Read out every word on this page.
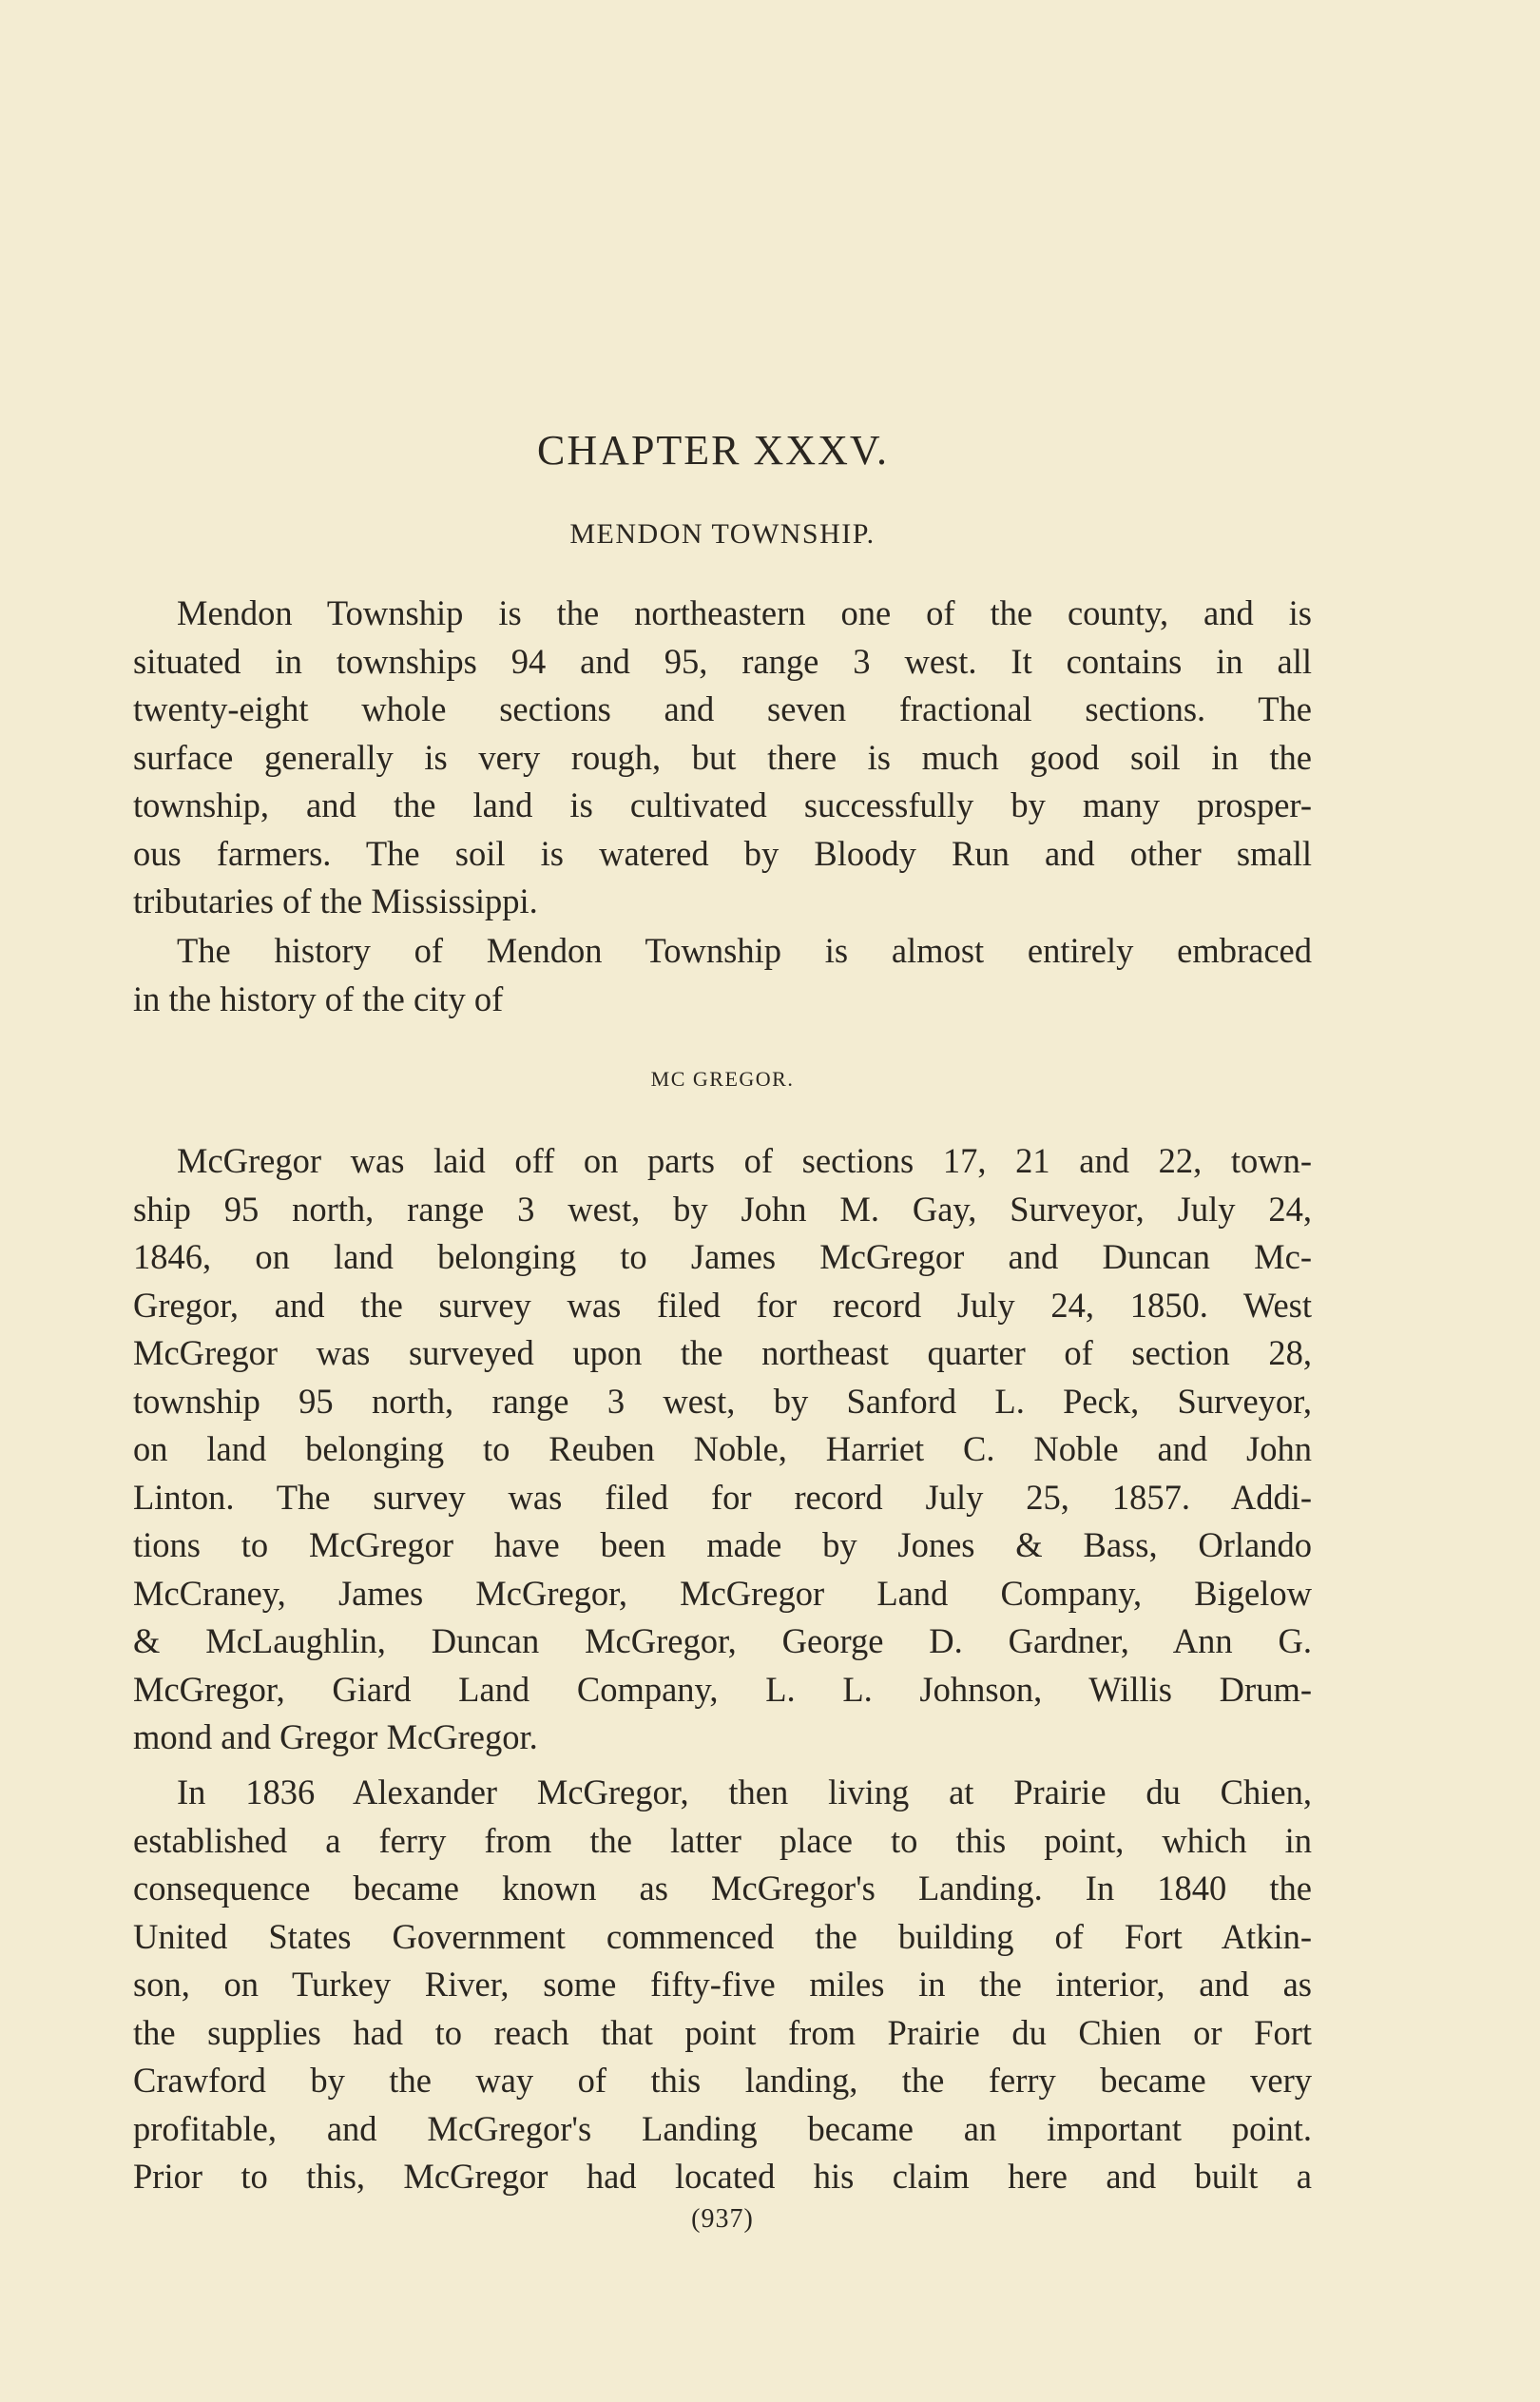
CHAPTER XXXV.
MENDON TOWNSHIP.

Mendon Township is the northeastern one of the county, and is
situated in townships 94 and 95, range 3 west. It contains in all
twenty-eight whole sections and seven fractional sections. The
surface generally is very rough, but there is much good soil in the
township, and the land is cultivated successfully by many prosper-
ous farmers. The soil is watered by Bloody Run and other small
tributaries of the Mississippi.

The history of Mendon Township is almost entirely embraced
in the history of the city of

MC GREGOR.

McGregor was laid off on parts of sections 17, 21 and 22, town-
ship 95 north, range 3 west, by John M. Gay, Surveyor, July 24,
1846, on land belonging to James McGregor and Duncan Mc-
Gregor, and the survey was filed for record July 24, 1850. West
McGregor was surveyed upon the northeast quarter of section 28,
township 95 north, range 3 west, by Sanford L. Peck, Surveyor,
on land belonging to Reuben Noble, Harriet C. Noble and John
Linton. The survey was filed for record July 25, 1857. Addi-
tions to McGregor have been made by Jones & Bass, Orlando
McCraney, James McGregor, McGregor Land Company, Bigelow
& McLaughlin, Duncan McGregor, George D. Gardner, Ann G.
McGregor, Giard Land Company, L. L. Johnson, Willis Drum-
mond and Gregor McGregor.

In 1836 Alexander McGregor, then living at Prairie du Chien,
established a ferry from the latter place to this point, which in
consequence became known as McGregor's Landing. In 1840 the
United States Government commenced the building of Fort Atkin-
son, on Turkey River, some fifty-five miles in the interior, and as
the supplies had to reach that point from Prairie du Chien or Fort
Crawford by the way of this landing, the ferry became very
profitable, and McGregor's Landing became an important point.
Prior to this, McGregor had located his claim here and built a

(937)
